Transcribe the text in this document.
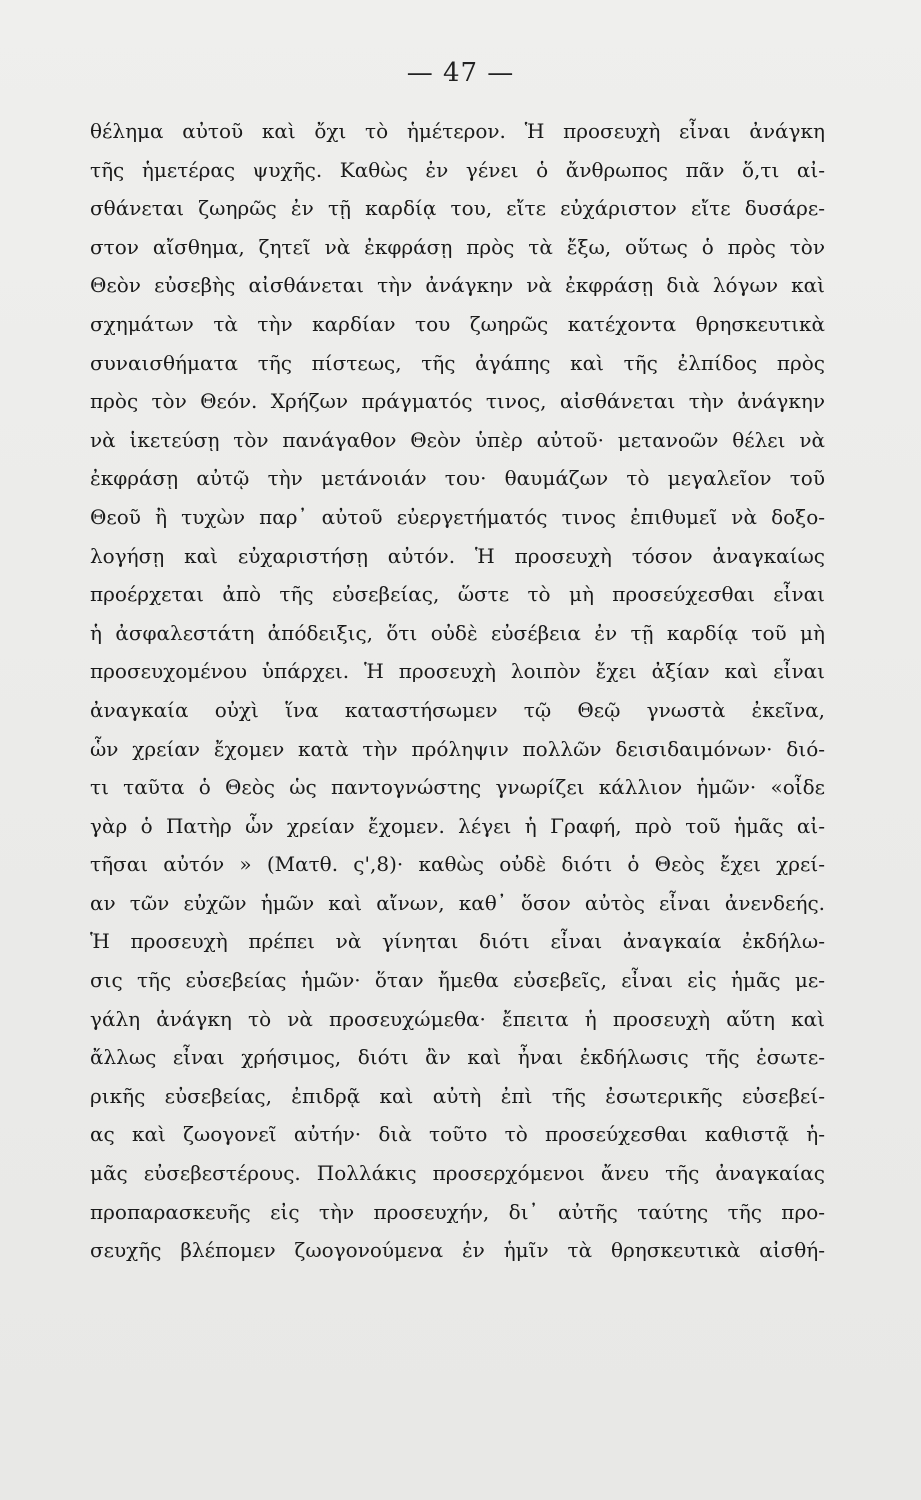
— 47 —
θέλημα αὐτοῦ καὶ ὄχι τὸ ἡμέτερον. Ἡ προσευχὴ εἶναι ἀνάγκη
τῆς ἡμετέρας ψυχῆς. Καθὼς ἐν γένει ὁ ἄνθρωπος πᾶν ὅ,τι αἰ-
σθάνεται ζωηρῶς ἐν τῇ καρδίᾳ του, εἴτε εὐχάριστον εἴτε δυσάρε-
στον αἴσθημα, ζητεῖ νὰ ἐκφράσῃ πρὸς τὰ ἔξω, οὕτως ὁ πρὸς τὸν
Θεὸν εὐσεβὴς αἰσθάνεται τὴν ἀνάγκην νὰ ἐκφράσῃ διὰ λόγων καὶ
σχημάτων τὰ τὴν καρδίαν του ζωηρῶς κατέχοντα θρησκευτικὰ
συναισθήματα τῆς πίστεως, τῆς ἀγάπης καὶ τῆς ἐλπίδος πρὸς
πρὸς τὸν Θεόν. Χρήζων πράγματός τινος, αἰσθάνεται τὴν ἀνάγκην
νὰ ἱκετεύσῃ τὸν πανάγαθον Θεὸν ὑπὲρ αὐτοῦ· μετανοῶν θέλει νὰ
ἐκφράσῃ αὐτῷ τὴν μετάνοιάν του· θαυμάζων τὸ μεγαλεῖον τοῦ
Θεοῦ ἢ τυχὼν παρ᾽ αὐτοῦ εὐεργετήματός τινος ἐπιθυμεῖ νὰ δοξο-
λογήσῃ καὶ εὐχαριστήσῃ αὐτόν. Ἡ προσευχὴ τόσον ἀναγκαίως
προέρχεται ἀπὸ τῆς εὐσεβείας, ὥστε τὸ μὴ προσεύχεσθαι εἶναι
ἡ ἀσφαλεστάτη ἀπόδειξις, ὅτι οὐδὲ εὐσέβεια ἐν τῇ καρδίᾳ τοῦ μὴ
προσευχομένου ὑπάρχει. Ἡ προσευχὴ λοιπὸν ἔχει ἀξίαν καὶ εἶναι
ἀναγκαία οὐχὶ ἵνα καταστήσωμεν τῷ Θεῷ γνωστὰ ἐκεῖνα,
ὧν χρείαν ἔχομεν κατὰ τὴν πρόληψιν πολλῶν δεισιδαιμόνων· διό-
τι ταῦτα ὁ Θεὸς ὡς παντογνώστης γνωρίζει κάλλιον ἡμῶν· «οἶδε
γὰρ ὁ Πατὴρ ὧν χρείαν ἔχομεν. λέγει ἡ Γραφή, πρὸ τοῦ ἡμᾶς αἰ-
τῆσαι αὐτόν » (Ματθ. ς',8)· καθὼς οὐδὲ διότι ὁ Θεὸς ἔχει χρεί-
αν τῶν εὐχῶν ἡμῶν καὶ αἴνων, καθ᾽ ὅσον αὐτὸς εἶναι ἀνενδεής.
Ἡ προσευχὴ πρέπει νὰ γίνηται διότι εἶναι ἀναγκαία ἐκδήλω-
σις τῆς εὐσεβείας ἡμῶν· ὅταν ἤμεθα εὐσεβεῖς, εἶναι εἰς ἡμᾶς με-
γάλη ἀνάγκη τὸ νὰ προσευχώμεθα· ἔπειτα ἡ προσευχὴ αὕτη καὶ
ἄλλως εἶναι χρήσιμος, διότι ἂν καὶ ἦναι ἐκδήλωσις τῆς ἐσωτε-
ρικῆς εὐσεβείας, ἐπιδρᾷ καὶ αὐτὴ ἐπὶ τῆς ἐσωτερικῆς εὐσεβεί-
ας καὶ ζωογονεῖ αὐτήν· διὰ τοῦτο τὸ προσεύχεσθαι καθιστᾷ ἡ-
μᾶς εὐσεβεστέρους. Πολλάκις προσερχόμενοι ἄνευ τῆς ἀναγκαίας
προπαρασκευῆς εἰς τὴν προσευχήν, δι᾽ αὐτῆς ταύτης τῆς προ-
σευχῆς βλέπομεν ζωογονούμενα ἐν ἡμῖν τὰ θρησκευτικὰ αἰσθή-
